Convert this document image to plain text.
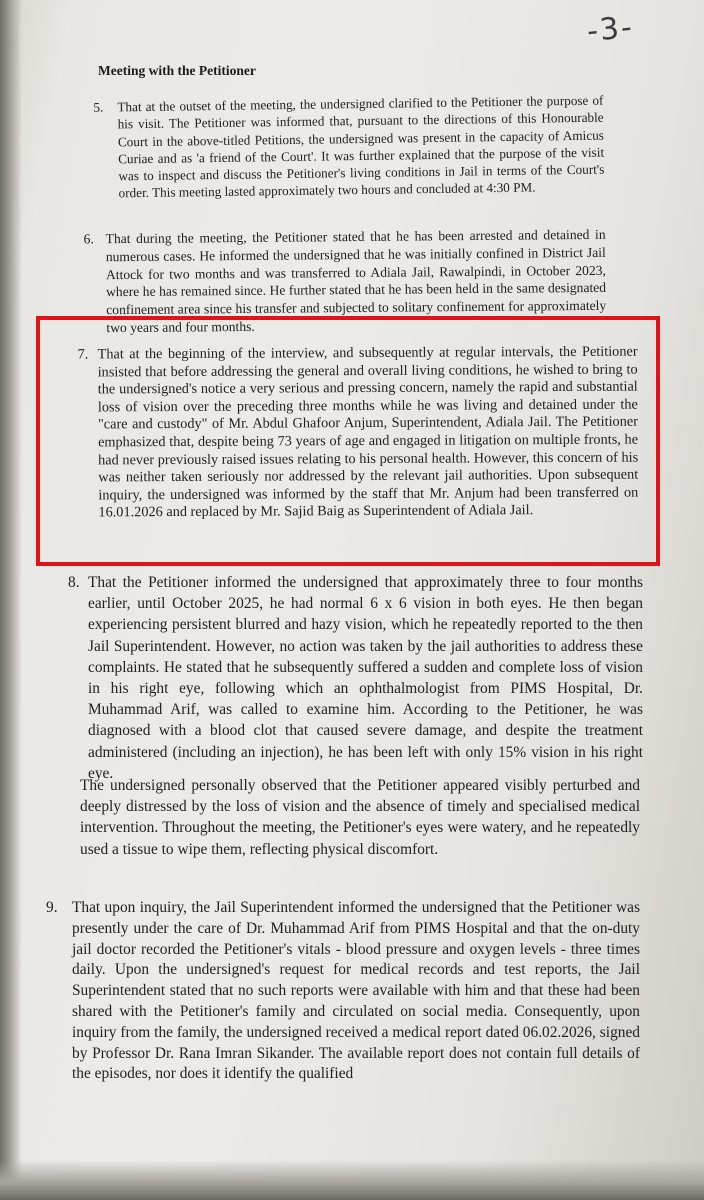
-3-
Meeting with the Petitioner
5. That at the outset of the meeting, the undersigned clarified to the Petitioner the purpose of his visit. The Petitioner was informed that, pursuant to the directions of this Honourable Court in the above-titled Petitions, the undersigned was present in the capacity of Amicus Curiae and as 'a friend of the Court'. It was further explained that the purpose of the visit was to inspect and discuss the Petitioner's living conditions in Jail in terms of the Court's order. This meeting lasted approximately two hours and concluded at 4:30 PM.
6. That during the meeting, the Petitioner stated that he has been arrested and detained in numerous cases. He informed the undersigned that he was initially confined in District Jail Attock for two months and was transferred to Adiala Jail, Rawalpindi, in October 2023, where he has remained since. He further stated that he has been held in the same designated confinement area since his transfer and subjected to solitary confinement for approximately two years and four months.
7. That at the beginning of the interview, and subsequently at regular intervals, the Petitioner insisted that before addressing the general and overall living conditions, he wished to bring to the undersigned's notice a very serious and pressing concern, namely the rapid and substantial loss of vision over the preceding three months while he was living and detained under the "care and custody" of Mr. Abdul Ghafoor Anjum, Superintendent, Adiala Jail. The Petitioner emphasized that, despite being 73 years of age and engaged in litigation on multiple fronts, he had never previously raised issues relating to his personal health. However, this concern of his was neither taken seriously nor addressed by the relevant jail authorities. Upon subsequent inquiry, the undersigned was informed by the staff that Mr. Anjum had been transferred on 16.01.2026 and replaced by Mr. Sajid Baig as Superintendent of Adiala Jail.
8. That the Petitioner informed the undersigned that approximately three to four months earlier, until October 2025, he had normal 6 x 6 vision in both eyes. He then began experiencing persistent blurred and hazy vision, which he repeatedly reported to the then Jail Superintendent. However, no action was taken by the jail authorities to address these complaints. He stated that he subsequently suffered a sudden and complete loss of vision in his right eye, following which an ophthalmologist from PIMS Hospital, Dr. Muhammad Arif, was called to examine him. According to the Petitioner, he was diagnosed with a blood clot that caused severe damage, and despite the treatment administered (including an injection), he has been left with only 15% vision in his right eye.
The undersigned personally observed that the Petitioner appeared visibly perturbed and deeply distressed by the loss of vision and the absence of timely and specialised medical intervention. Throughout the meeting, the Petitioner's eyes were watery, and he repeatedly used a tissue to wipe them, reflecting physical discomfort.
9. That upon inquiry, the Jail Superintendent informed the undersigned that the Petitioner was presently under the care of Dr. Muhammad Arif from PIMS Hospital and that the on-duty jail doctor recorded the Petitioner's vitals - blood pressure and oxygen levels - three times daily. Upon the undersigned's request for medical records and test reports, the Jail Superintendent stated that no such reports were available with him and that these had been shared with the Petitioner's family and circulated on social media. Consequently, upon inquiry from the family, the undersigned received a medical report dated 06.02.2026, signed by Professor Dr. Rana Imran Sikander. The available report does not contain full details of the episodes, nor does it identify the qualified
